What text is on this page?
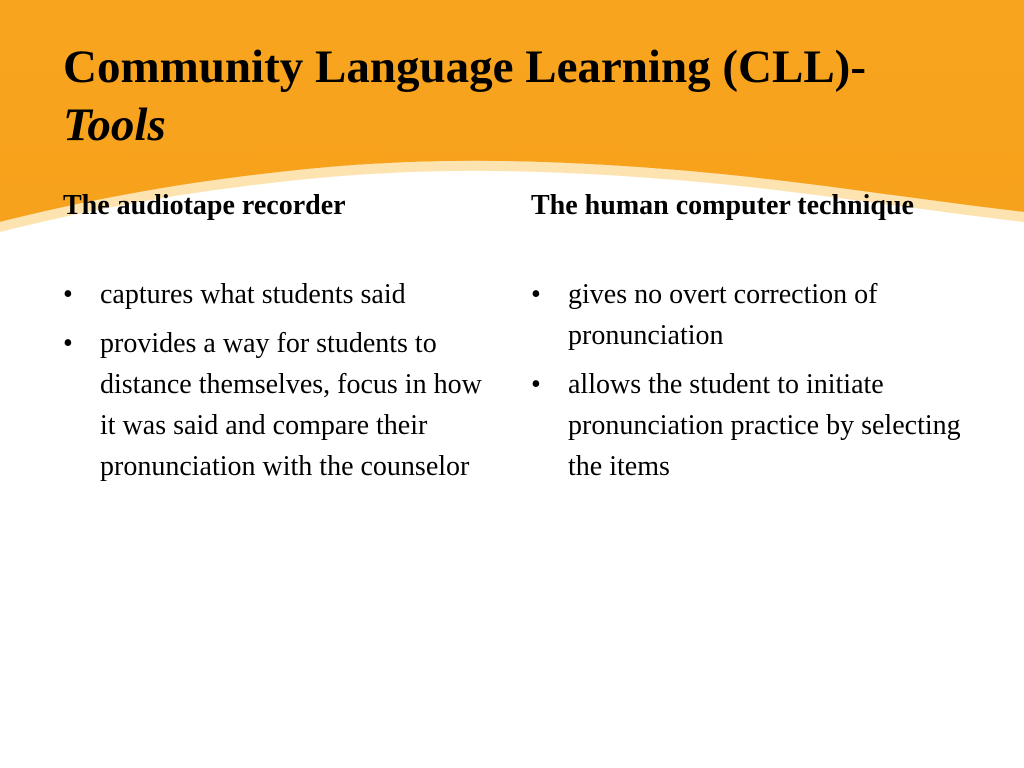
Community Language Learning (CLL)-
Tools
The audiotape recorder
• captures what students said
• provides a way for students to distance themselves, focus in how it was said and compare their pronunciation with the counselor
The human computer technique
• gives no overt correction of pronunciation
• allows the student to initiate pronunciation practice by selecting the items
